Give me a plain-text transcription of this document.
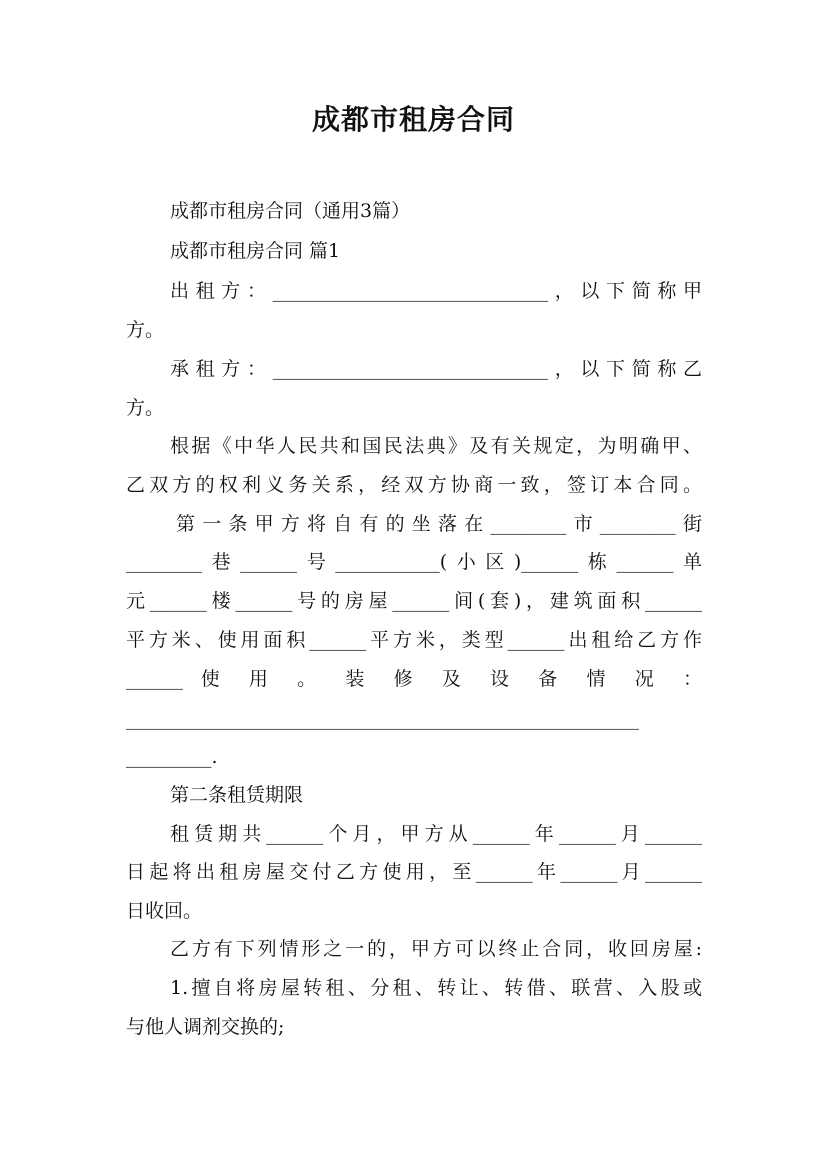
成都市租房合同
成都市租房合同（通用3篇）
成都市租房合同 篇1
出租方：_____________________________，以下简称甲
方。
承租方：_____________________________，以下简称乙
方。
根据《中华人民共和国民法典》及有关规定，为明确甲、
乙双方的权利义务关系，经双方协商一致，签订本合同。
第一条甲方将自有的坐落在________市________街
________巷______号___________(小区)______栋______单
元______楼______号的房屋______间(套)，建筑面积______
平方米、使用面积______平方米，类型______出租给乙方作
______ 使 用 。 装 修 及 设 备 情 况 ：
______________________________________________________
_________.
第二条租赁期限
租赁期共______个月，甲方从______年______月______
日起将出租房屋交付乙方使用，至______年______月______
日收回。
乙方有下列情形之一的，甲方可以终止合同，收回房屋:
1.擅自将房屋转租、分租、转让、转借、联营、入股或
与他人调剂交换的;
